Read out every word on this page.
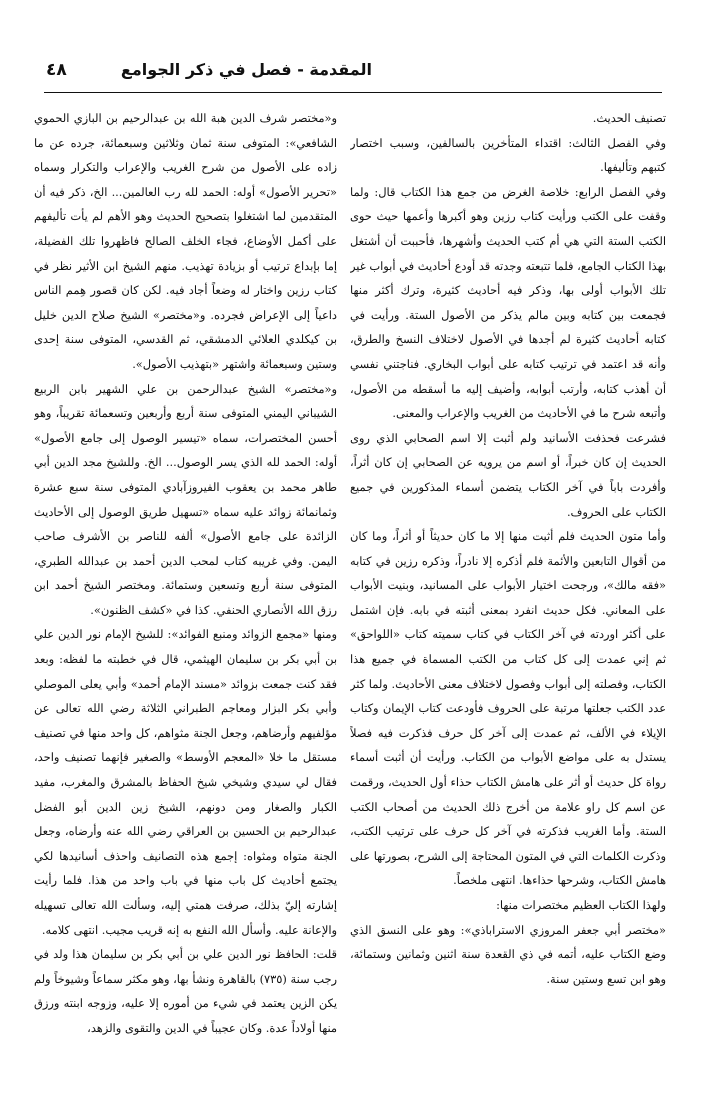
المقدمة - فصل في ذكر الجوامع
٤٨

تصنيف الحديث.

وفي الفصل الثالث: اقتداء المتأخرين بالسالفين، وسبب اختصار كتبهم وتأليفها.

وفي الفصل الرابع: خلاصة الغرض من جمع هذا الكتاب قال: ولما وقفت على الكتب ورأيت كتاب رزين وهو أكبرها وأعمها حيث حوى الكتب الستة التي هي أم كتب الحديث وأشهرها، فأحببت أن أشتغل بهذا الكتاب الجامع، فلما تتبعته وجدته قد أودع أحاديث في أبواب غير تلك الأبواب أولى بها، وذكر فيه أحاديث كثيرة، وترك أكثر منها فجمعت بين كتابه وبين مالم يذكر من الأصول الستة. ورأيت في كتابه أحاديث كثيرة لم أجدها في الأصول لاختلاف النسخ والطرق، وأنه قد اعتمد في ترتيب كتابه على أبواب البخاري. فناجتني نفسي أن أهذب كتابه، وأرتب أبوابه، وأضيف إليه ما أسقطه من الأصول، وأتبعه شرح ما في الأحاديث من الغريب والإعراب والمعنى.

فشرعت فحذفت الأسانيد ولم أثبت إلا اسم الصحابي الذي روى الحديث إن كان خبراً، أو اسم من يرويه عن الصحابي إن كان أثراً، وأفردت باباً في آخر الكتاب يتضمن أسماء المذكورين في جميع الكتاب على الحروف.

وأما متون الحديث فلم أثبت منها إلا ما كان حديثاً أو أثراً، وما كان من أقوال التابعين والأئمة فلم أذكره إلا نادراً، وذكره رزين في كتابه «فقه مالك»، ورجحت اختيار الأبواب على المسانيد، وبنيت الأبواب على المعاني. فكل حديث انفرد بمعنى أثبته في بابه. فإن اشتمل على أكثر اوردته في آخر الكتاب في كتاب سميته كتاب «اللواحق» ثم إني عمدت إلى كل كتاب من الكتب المسماة في جميع هذا الكتاب، وفصلته إلى أبواب وفصول لاختلاف معنى الأحاديث. ولما كثر عدد الكتب جعلتها مرتبة على الحروف فأودعت كتاب الإيمان وكتاب الإيلاء في الألف، ثم عمدت إلى آخر كل حرف فذكرت فيه فصلاً يستدل به على مواضع الأبواب من الكتاب. ورأيت أن أثبت أسماء رواة كل حديث أو أثر على هامش الكتاب حذاء أول الحديث، ورقمت عن اسم كل راو علامة من أخرج ذلك الحديث من أصحاب الكتب الستة. وأما الغريب فذكرته في آخر كل حرف على ترتيب الكتب، وذكرت الكلمات التي في المتون المحتاجة إلى الشرح، بصورتها على هامش الكتاب، وشرحها حذاءها. انتهى ملخصاً.

ولهذا الكتاب العظيم مختصرات منها:

«مختصر أبي جعفر المروزي الاستراباذي»: وهو على النسق الذي وضع الكتاب عليه، أتمه في ذي القعدة سنة اثنين وثمانين وستمائة، وهو ابن تسع وستين سنة.

و«مختصر شرف الدين هبة الله بن عبدالرحيم بن البازي الحموي الشافعي»: المتوفى سنة ثمان وثلاثين وسبعمائة، جرده عن ما زاده على الأصول من شرح الغريب والإعراب والتكرار وسماه «تحرير الأصول» أوله: الحمد لله رب العالمين... الخ، ذكر فيه أن المتقدمين لما اشتغلوا بتصحيح الحديث وهو الأهم لم يأت تأليفهم على أكمل الأوضاع، فجاء الخلف الصالح فاظهروا تلك الفضيلة، إما بإبداع ترتيب أو بزيادة تهذيب. منهم الشيخ ابن الأثير نظر في كتاب رزين واختار له وضعاً أجاد فيه. لكن كان قصور هِمم الناس داعياً إلى الإعراض فجرده. و«مختصر» الشيخ صلاح الدين خليل بن كيكلدي العلائي الدمشقي، ثم القدسي، المتوفى سنة إحدى وستين وسبعمائة واشتهر «بتهذيب الأصول».

و«مختصر» الشيخ عبدالرحمن بن علي الشهير بابن الربيع الشيباني اليمني المتوفى سنة أربع وأربعين وتسعمائة تقريباً، وهو أحسن المختصرات، سماه «تيسير الوصول إلى جامع الأصول» أوله: الحمد لله الذي يسر الوصول... الخ. وللشيخ مجد الدين أبي طاهر محمد بن يعقوب الفيروزآبادي المتوفى سنة سبع عشرة وثمانمائة زوائد عليه سماه «تسهيل طريق الوصول إلى الأحاديث الزائدة على جامع الأصول» ألفه للناصر بن الأشرف صاحب اليمن. وفي غريبه كتاب لمحب الدين أحمد بن عبدالله الطبري، المتوفى سنة أربع وتسعين وستمائة. ومختصر الشيخ أحمد ابن رزق الله الأنصاري الحنفي. كذا في «كشف الظنون».

ومنها «مجمع الزوائد ومنبع الفوائد»: للشيخ الإمام نور الدين علي بن أبي بكر بن سليمان الهيثمي، قال في خطبته ما لفظه: وبعد فقد كنت جمعت بزوائد «مسند الإمام أحمد» وأبي يعلى الموصلي وأبي بكر البزار ومعاجم الطبراني الثلاثة رضي الله تعالى عن مؤلفيهم وأرضاهم، وجعل الجنة مثواهم، كل واحد منها في تصنيف مستقل ما خلا «المعجم الأوسط» والصغير فإنهما تصنيف واحد، فقال لي سيدي وشيخي شيخ الحفاظ بالمشرق والمغرب، مفيد الكبار والصغار ومن دونهم، الشيخ زين الدين أبو الفضل عبدالرحيم بن الحسين بن العراقي رضي الله عنه وأرضاه، وجعل الجنة متواه ومثواه: إجمع هذه التصانيف واحذف أسانيدها لكي يجتمع أحاديث كل باب منها في باب واحد من هذا. فلما رأيت إشارته إليّ بذلك، صرفت همتي إليه، وسألت الله تعالى تسهيله والإعانة عليه. وأسأل الله النفع به إنه قريب مجيب. انتهى كلامه.

قلت: الحافظ نور الدين علي بن أبي بكر بن سليمان هذا ولد في رجب سنة (٧٣٥) بالقاهرة ونشأ بها، وهو مكثر سماعاً وشيوخاً ولم يكن الزين يعتمد في شيء من أموره إلا عليه، وزوجه ابنته ورزق منها أولاداً عدة. وكان عجيباً في الدين والتقوى والزهد،
